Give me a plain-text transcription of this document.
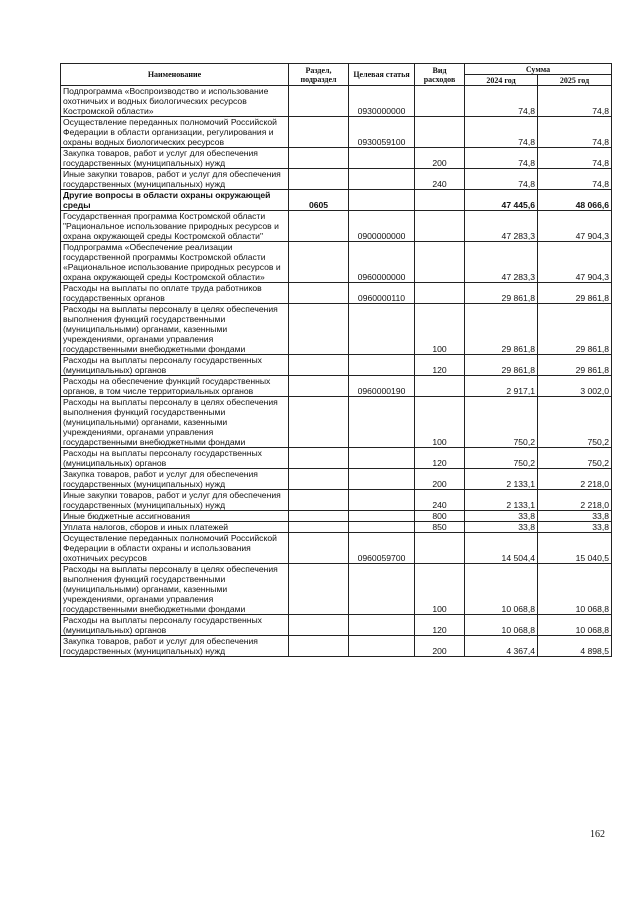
Наименование	Раздел, подраздел	Целевая статья	Вид расходов	Сумма	
				2024 год	2025 год
Подпрограмма «Воспроизводство и использование охотничьих и водных биологических ресурсов Костромской области»		0930000000		74,8	74,8
Осуществление переданных полномочий Российской Федерации в области организации, регулирования и охраны водных биологических ресурсов		0930059100		74,8	74,8
Закупка товаров, работ и услуг для обеспечения государственных (муниципальных) нужд			200	74,8	74,8
Иные закупки товаров, работ и услуг для обеспечения государственных (муниципальных) нужд			240	74,8	74,8
Другие вопросы в области охраны окружающей среды	0605			47 445,6	48 066,6
Государственная программа Костромской области "Рациональное использование природных ресурсов и охрана окружающей среды Костромской области"		0900000000		47 283,3	47 904,3
Подпрограмма «Обеспечение реализации государственной программы Костромской области «Рациональное использование природных ресурсов и охрана окружающей среды Костромской области»		0960000000		47 283,3	47 904,3
Расходы на выплаты по оплате труда работников государственных органов		0960000110		29 861,8	29 861,8
Расходы на выплаты персоналу в целях обеспечения выполнения функций государственными (муниципальными) органами, казенными учреждениями, органами управления государственными внебюджетными фондами			100	29 861,8	29 861,8
Расходы на выплаты персоналу государственных (муниципальных) органов			120	29 861,8	29 861,8
Расходы на обеспечение функций государственных органов, в том числе территориальных органов		0960000190		2 917,1	3 002,0
Расходы на выплаты персоналу в целях обеспечения выполнения функций государственными (муниципальными) органами, казенными учреждениями, органами управления государственными внебюджетными фондами			100	750,2	750,2
Расходы на выплаты персоналу государственных (муниципальных) органов			120	750,2	750,2
Закупка товаров, работ и услуг для обеспечения государственных (муниципальных) нужд			200	2 133,1	2 218,0
Иные закупки товаров, работ и услуг для обеспечения государственных (муниципальных) нужд			240	2 133,1	2 218,0
Иные бюджетные ассигнования			800	33,8	33,8
Уплата налогов, сборов и иных платежей			850	33,8	33,8
Осуществление переданных полномочий Российской Федерации в области охраны и использования охотничьих ресурсов		0960059700		14 504,4	15 040,5
Расходы на выплаты персоналу в целях обеспечения выполнения функций государственными (муниципальными) органами, казенными учреждениями, органами управления государственными внебюджетными фондами			100	10 068,8	10 068,8
Расходы на выплаты персоналу государственных (муниципальных) органов			120	10 068,8	10 068,8
Закупка товаров, работ и услуг для обеспечения государственных (муниципальных) нужд			200	4 367,4	4 898,5
162
